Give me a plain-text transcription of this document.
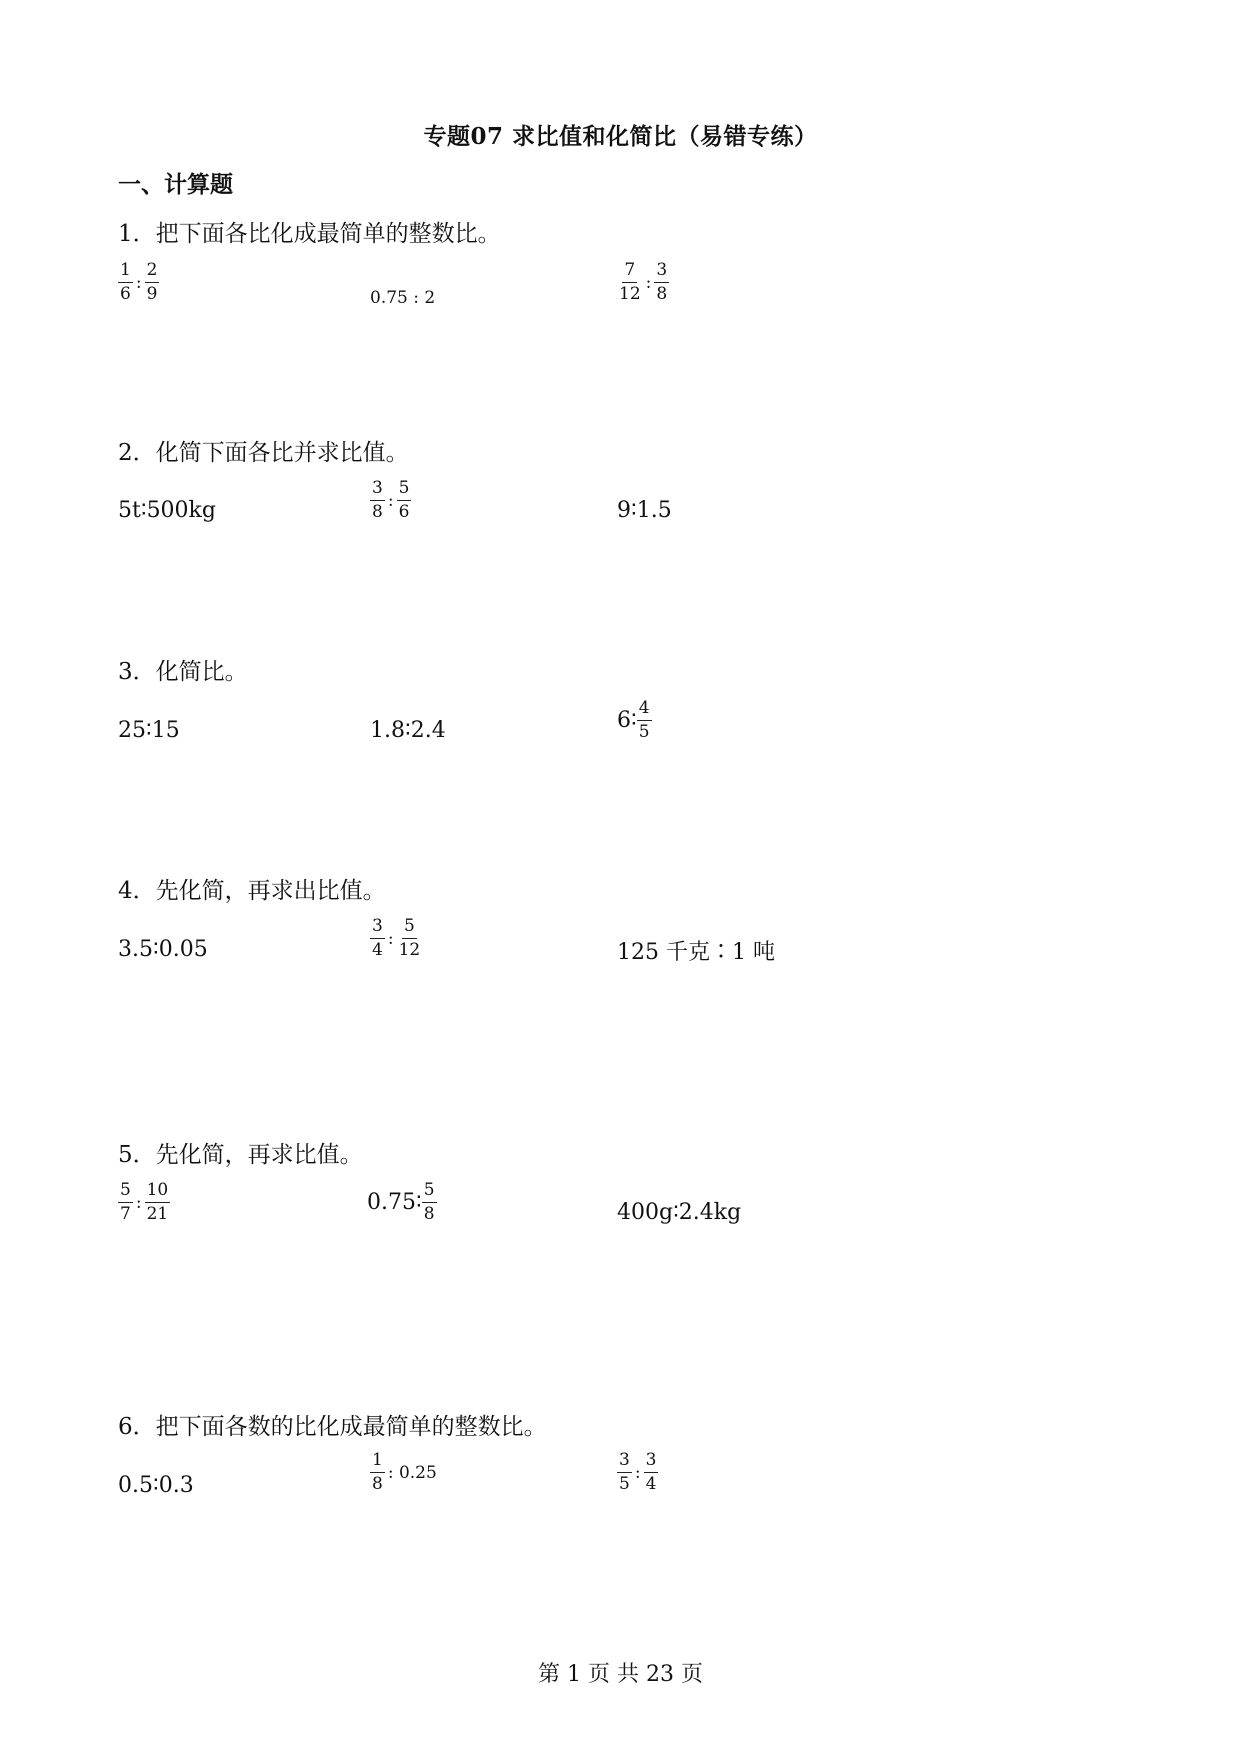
专题07 求比值和化简比（易错专练）
一、计算题
1．把下面各比化成最简单的整数比。
$\frac{1}{6}$ : $\frac{2}{9}$	0.75 : 2	$\frac{7}{12}$ : $\frac{3}{8}$
2．化简下面各比并求比值。
5t∶500kg	$\frac{3}{8}$ : $\frac{5}{6}$	9∶1.5
3．化简比。
25∶15	1.8∶2.4	6∶ $\frac{4}{5}$
4．先化简，再求出比值。
3.5∶0.05	$\frac{3}{4}$ : $\frac{5}{12}$	125 千克∶1 吨
5．先化简，再求比值。
$\frac{5}{7}$ : $\frac{10}{21}$	0.75∶ $\frac{5}{8}$	400g∶2.4kg
6．把下面各数的比化成最简单的整数比。
0.5∶0.3	$\frac{1}{8}$ : 0.25	$\frac{3}{5}$ : $\frac{3}{4}$
第 1 页 共 23 页
